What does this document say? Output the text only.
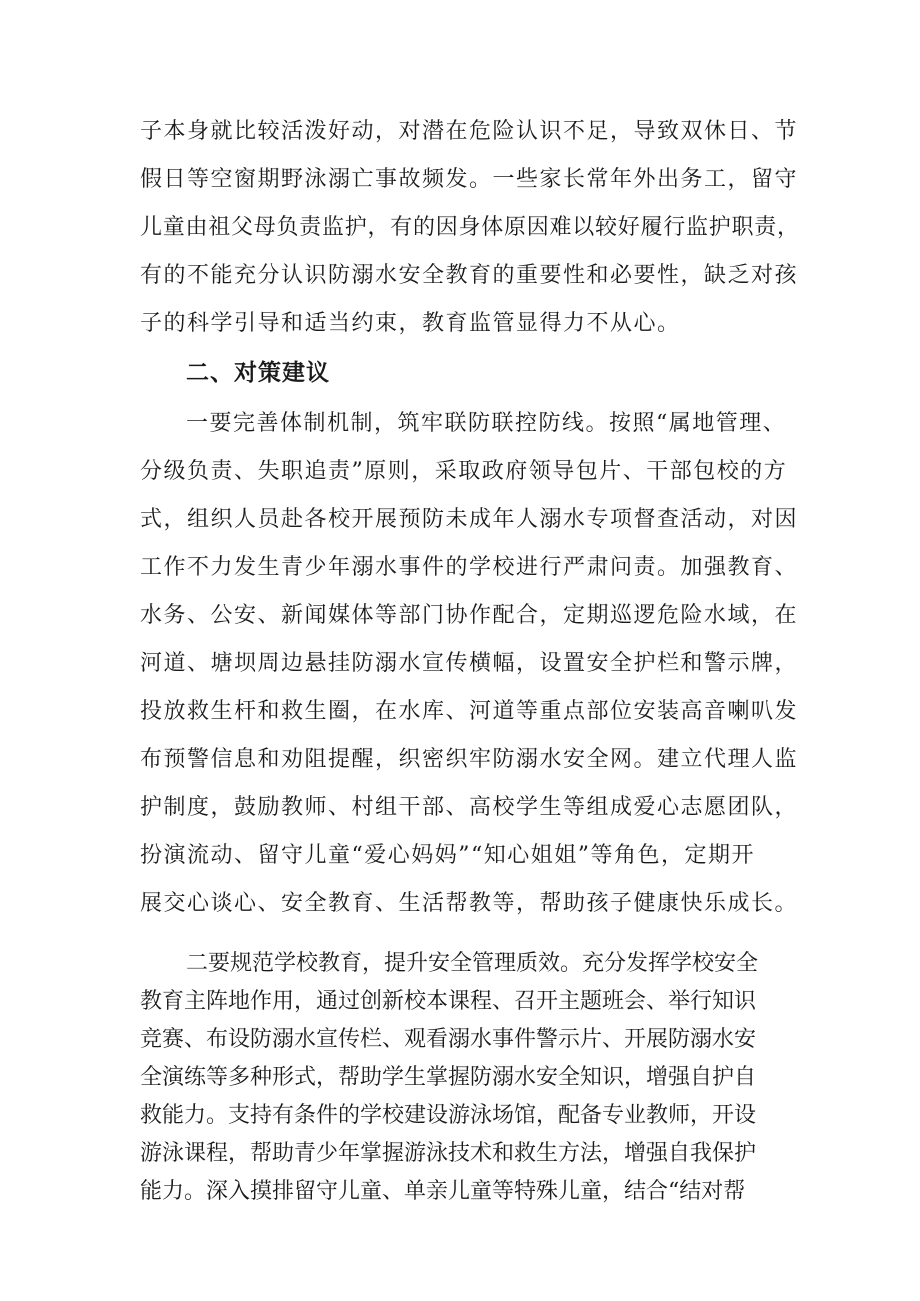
子本身就比较活泼好动，对潜在危险认识不足，导致双休日、节
假日等空窗期野泳溺亡事故频发。一些家长常年外出务工，留守
儿童由祖父母负责监护，有的因身体原因难以较好履行监护职责，
有的不能充分认识防溺水安全教育的重要性和必要性，缺乏对孩
子的科学引导和适当约束，教育监管显得力不从心。
二、对策建议
一要完善体制机制，筑牢联防联控防线。按照“属地管理、
分级负责、失职追责”原则，采取政府领导包片、干部包校的方
式，组织人员赴各校开展预防未成年人溺水专项督查活动，对因
工作不力发生青少年溺水事件的学校进行严肃问责。加强教育、
水务、公安、新闻媒体等部门协作配合，定期巡逻危险水域，在
河道、塘坝周边悬挂防溺水宣传横幅，设置安全护栏和警示牌，
投放救生杆和救生圈，在水库、河道等重点部位安装高音喇叭发
布预警信息和劝阻提醒，织密织牢防溺水安全网。建立代理人监
护制度，鼓励教师、村组干部、高校学生等组成爱心志愿团队，
扮演流动、留守儿童“爱心妈妈”“知心姐姐”等角色，定期开
展交心谈心、安全教育、生活帮教等，帮助孩子健康快乐成长。
二要规范学校教育，提升安全管理质效。充分发挥学校安全
教育主阵地作用，通过创新校本课程、召开主题班会、举行知识
竞赛、布设防溺水宣传栏、观看溺水事件警示片、开展防溺水安
全演练等多种形式，帮助学生掌握防溺水安全知识，增强自护自
救能力。支持有条件的学校建设游泳场馆，配备专业教师，开设
游泳课程，帮助青少年掌握游泳技术和救生方法，增强自我保护
能力。深入摸排留守儿童、单亲儿童等特殊儿童，结合“结对帮
